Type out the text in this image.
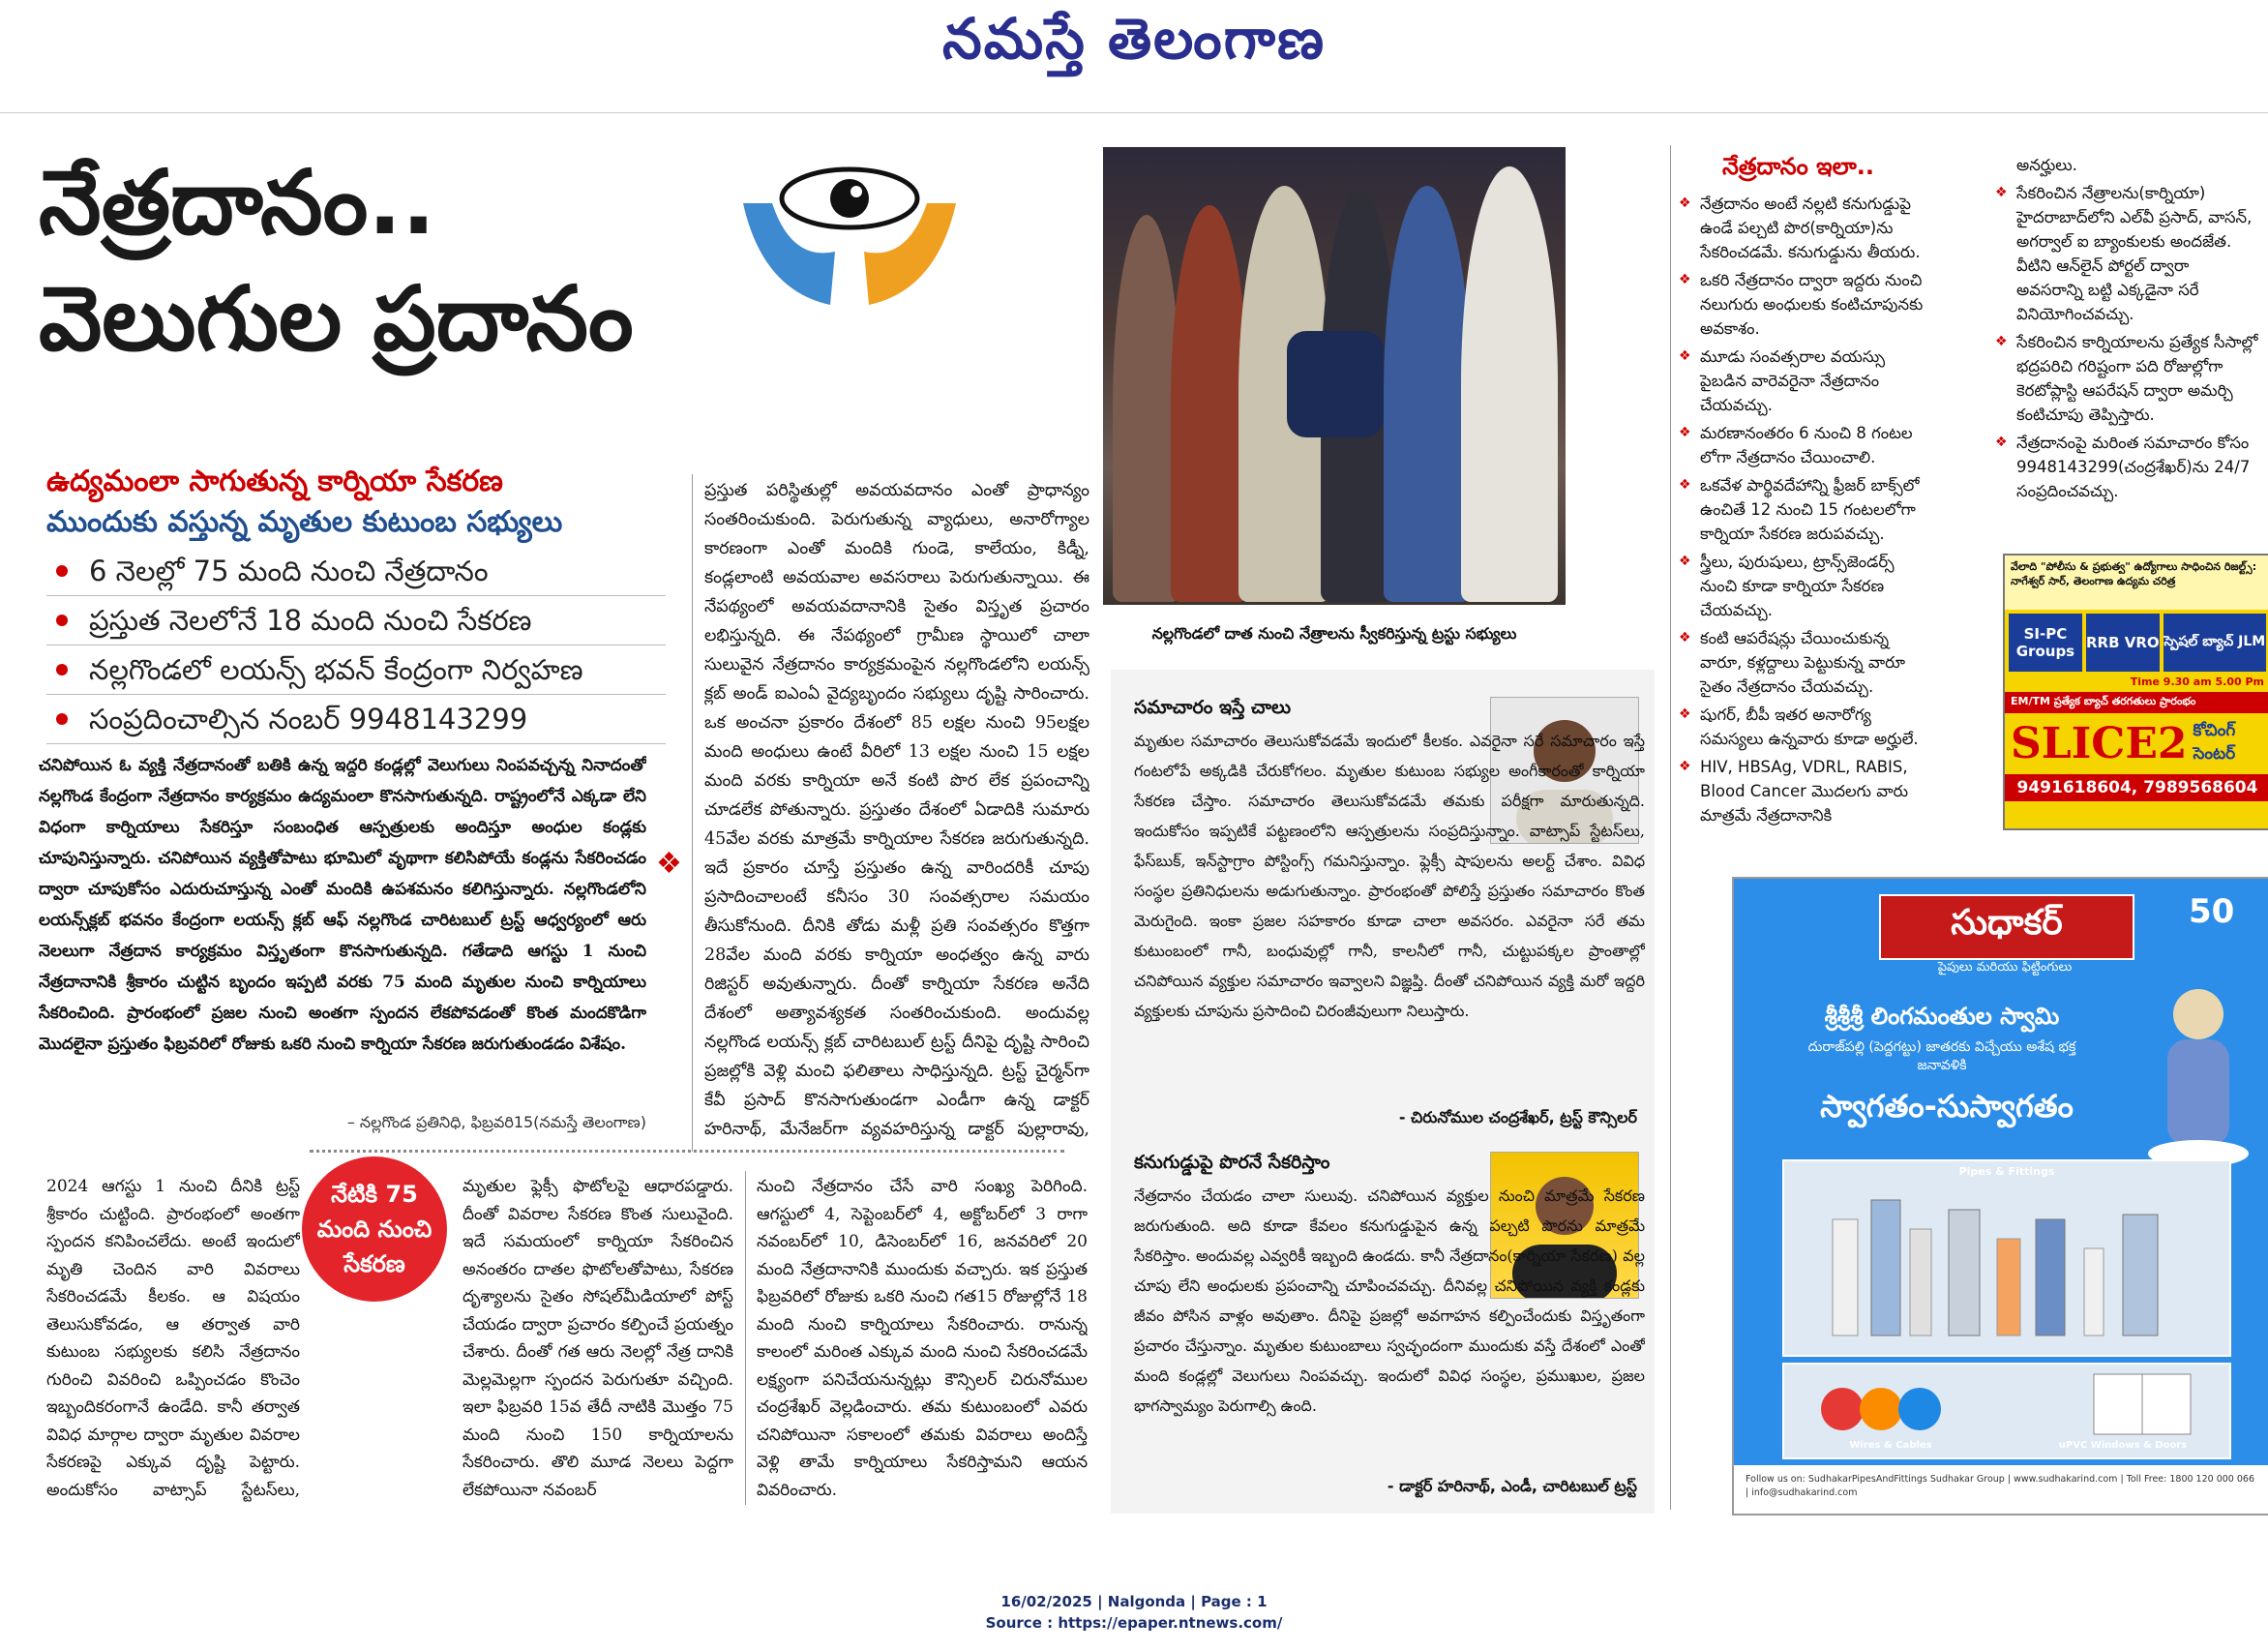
నమస్తే తెలంగాణ
నేత్రదానం..
వెలుగుల ప్రదానం
ఉద్యమంలా సాగుతున్న కార్నియా సేకరణ
ముందుకు వస్తున్న మృతుల కుటుంబ సభ్యులు
6 నెలల్లో 75 మంది నుంచి నేత్రదానం
ప్రస్తుత నెలలోనే 18 మంది నుంచి సేకరణ
నల్లగొండలో లయన్స్ భవన్ కేంద్రంగా నిర్వహణ
సంప్రదించాల్సిన నంబర్ 9948143299
ప్రస్తుత పరిస్థితుల్లో అవయవదానం ఎంతో ప్రాధాన్యం సంతరించుకుంది. పెరుగుతున్న వ్యాధులు, అనారోగ్యాల కారణంగా ఎంతో మందికి గుండె, కాలేయం, కిడ్నీ, కండ్లలాంటి అవయవాల అవసరాలు పెరుగుతున్నాయి. ఈ నేపథ్యంలో అవయవదానానికి సైతం విస్తృత ప్రచారం లభిస్తున్నది. ఈ నేపథ్యంలో గ్రామీణ స్థాయిలో చాలా సులువైన నేత్రదానం కార్యక్రమంపైన నల్లగొండలోని లయన్స్ క్లబ్ అండ్ ఐఎంఏ వైద్యబృందం సభ్యులు దృష్టి సారించారు. ఒక అంచనా ప్రకారం దేశంలో 85 లక్షల నుంచి 95లక్షల మంది అంధులు ఉంటే వీరిలో 13 లక్షల నుంచి 15 లక్షల మంది వరకు కార్నియా అనే కంటి పొర లేక ప్రపంచాన్ని చూడలేక పోతున్నారు. ప్రస్తుతం దేశంలో ఏడాదికి సుమారు 45వేల వరకు మాత్రమే కార్నియాల సేకరణ జరుగుతున్నది. ఇదే ప్రకారం చూస్తే ప్రస్తుతం ఉన్న వారిందరికీ చూపు ప్రసాదించాలంటే కనీసం 30 సంవత్సరాల సమయం తీసుకోనుంది. దీనికి తోడు మళ్లీ ప్రతి సంవత్సరం కొత్తగా 28వేల మంది వరకు కార్నియా అంధత్వం ఉన్న వారు రిజిస్టర్ అవుతున్నారు. దీంతో కార్నియా సేకరణ అనేది దేశంలో అత్యావశ్యకత సంతరించుకుంది. అందువల్ల నల్లగొండ లయన్స్ క్లబ్ చారిటబుల్ ట్రస్ట్ దీనిపై దృష్టి సారించి ప్రజల్లోకి వెళ్లి మంచి ఫలితాలు సాధిస్తున్నది. ట్రస్ట్ చైర్మన్‌గా కేవీ ప్రసాద్ కొనసాగుతుండగా ఎండీగా ఉన్న డాక్టర్ హరినాథ్, మేనేజర్‌గా వ్యవహరిస్తున్న డాక్టర్ పుల్లారావు,
❖
చనిపోయిన ఓ వ్యక్తి నేత్రదానంతో బతికి ఉన్న ఇద్దరి కండ్లల్లో వెలుగులు నింపవచ్చన్న నినాదంతో నల్లగొండ కేంద్రంగా నేత్రదానం కార్యక్రమం ఉద్యమంలా కొనసాగుతున్నది. రాష్ట్రంలోనే ఎక్కడా లేని విధంగా కార్నియాలు సేకరిస్తూ సంబంధిత ఆస్పత్రులకు అందిస్తూ అంధుల కండ్లకు చూపునిస్తున్నారు. చనిపోయిన వ్యక్తితోపాటు భూమిలో వృథాగా కలిసిపోయే కండ్లను సేకరించడం ద్వారా చూపుకోసం ఎదురుచూస్తున్న ఎంతో మందికి ఉపశమనం కలిగిస్తున్నారు. నల్లగొండలోని లయన్స్‌క్లబ్ భవనం కేంద్రంగా లయన్స్ క్లబ్ ఆఫ్ నల్లగొండ చారిటబుల్ ట్రస్ట్ ఆధ్వర్యంలో ఆరు నెలలుగా నేత్రదాన కార్యక్రమం విస్తృతంగా కొనసాగుతున్నది. గతేడాది ఆగస్టు 1 నుంచి నేత్రదానానికి శ్రీకారం చుట్టిన బృందం ఇప్పటి వరకు 75 మంది మృతుల నుంచి కార్నియాలు సేకరించింది. ప్రారంభంలో ప్రజల నుంచి అంతగా స్పందన లేకపోవడంతో కొంత మందకొడిగా మొదలైనా ప్రస్తుతం ఫిబ్రవరిలో రోజుకు ఒకరి నుంచి కార్నియా సేకరణ జరుగుతుండడం విశేషం.
– నల్లగొండ ప్రతినిధి, ఫిబ్రవరి15(నమస్తే తెలంగాణ)
నేటికి 75
మంది నుంచి
సేకరణ
2024 ఆగస్టు 1 నుంచి దీనికి ట్రస్ట్ శ్రీకారం చుట్టింది. ప్రారంభంలో అంతగా స్పందన కనిపించలేదు. అంటే ఇందులో మృతి చెందిన వారి వివరాలు సేకరించడమే కీలకం. ఆ విషయం తెలుసుకోవడం, ఆ తర్వాత వారి కుటుంబ సభ్యులకు కలిసి నేత్రదానం గురించి వివరించి ఒప్పించడం కొంచెం ఇబ్బందికరంగానే ఉండేది. కానీ తర్వాత వివిధ మార్గాల ద్వారా మృతుల వివరాల సేకరణపై ఎక్కువ దృష్టి పెట్టారు. అందుకోసం వాట్సాప్ స్టేటస్‌లు,
మృతుల ఫ్లెక్సీ ఫొటోలపై ఆధారపడ్డారు. దీంతో వివరాల సేకరణ కొంత సులువైంది. ఇదే సమయంలో కార్నియా సేకరించిన అనంతరం దాతల ఫొటోలతోపాటు, సేకరణ దృశ్యాలను సైతం సోషల్‌మీడియాలో పోస్ట్ చేయడం ద్వారా ప్రచారం కల్పించే ప్రయత్నం చేశారు. దీంతో గత ఆరు నెలల్లో నేత్ర దానికి మెల్లమెల్లగా స్పందన పెరుగుతూ వచ్చింది. ఇలా ఫిబ్రవరి 15వ తేదీ నాటికి మొత్తం 75 మంది నుంచి 150 కార్నియాలను సేకరించారు. తొలి మూడ నెలలు పెద్దగా లేకపోయినా నవంబర్
నుంచి నేత్రదానం చేసే వారి సంఖ్య పెరిగింది. ఆగస్టులో 4, సెప్టెంబర్‌లో 4, అక్టోబర్‌లో 3 రాగా నవంబర్‌లో 10, డిసెంబర్‌లో 16, జనవరిలో 20 మంది నేత్రదానానికి ముందుకు వచ్చారు. ఇక ప్రస్తుత ఫిబ్రవరిలో రోజుకు ఒకరి నుంచి గత15 రోజుల్లోనే 18 మంది నుంచి కార్నియాలు సేకరించారు. రానున్న కాలంలో మరింత ఎక్కువ మంది నుంచి సేకరించడమే లక్ష్యంగా పనిచేయనున్నట్లు కౌన్సిలర్ చిరునోముల చంద్రశేఖర్ వెల్లడించారు. తమ కుటుంబంలో ఎవరు చనిపోయినా సకాలంలో తమకు వివరాలు అందిస్తే వెళ్లి తామే కార్నియాలు సేకరిస్తామని ఆయన వివరించారు.
నల్లగొండలో దాత నుంచి నేత్రాలను స్వీకరిస్తున్న ట్రస్టు సభ్యులు
సమాచారం ఇస్తే చాలు
మృతుల సమాచారం తెలుసుకోవడమే ఇందులో కీలకం. ఎవరైనా సరే సమాచారం ఇస్తే గంటలోపే అక్కడికి చేరుకోగలం. మృతుల కుటుంబ సభ్యుల అంగీకారంతో కార్నియా సేకరణ చేస్తాం. సమాచారం తెలుసుకోవడమే తమకు పరీక్షగా మారుతున్నది. ఇందుకోసం ఇప్పటికే పట్టణంలోని ఆస్పత్రులను సంప్రదిస్తున్నాం. వాట్సాప్ స్టేటస్‌లు, ఫేస్‌బుక్, ఇన్‌స్టాగ్రాం పోస్టింగ్స్ గమనిస్తున్నాం. ఫ్లెక్సీ షాపులను అలర్ట్ చేశాం. వివిధ సంస్థల ప్రతినిధులను అడుగుతున్నాం. ప్రారంభంతో పోలిస్తే ప్రస్తుతం సమాచారం కొంత మెరుగైంది. ఇంకా ప్రజల సహకారం కూడా చాలా అవసరం. ఎవరైనా సరే తమ కుటుంబంలో గానీ, బంధువుల్లో గానీ, కాలనీలో గానీ, చుట్టుపక్కల ప్రాంతాల్లో చనిపోయిన వ్యక్తుల సమాచారం ఇవ్వాలని విజ్ఞప్తి. దీంతో చనిపోయిన వ్యక్తి మరో ఇద్దరి వ్యక్తులకు చూపును ప్రసాదించి చిరంజీవులుగా నిలుస్తారు.
- చిరునోముల చంద్రశేఖర్, ట్రస్ట్ కౌన్సిలర్
కనుగుడ్డుపై పొరనే సేకరిస్తాం
నేత్రదానం చేయడం చాలా సులువు. చనిపోయిన వ్యక్తుల నుంచి మాత్రమే సేకరణ జరుగుతుంది. అది కూడా కేవలం కనుగుడ్డుపైన ఉన్న పల్చటి పొరను మాత్రమే సేకరిస్తాం. అందువల్ల ఎవ్వరికీ ఇబ్బంది ఉండదు. కానీ నేత్రదానం(కార్నియా సేకరణ) వల్ల చూపు లేని అంధులకు ప్రపంచాన్ని చూపించవచ్చు. దీనివల్ల చనిపోయిన వ్యక్తి కండ్లకు జీవం పోసిన వాళ్లం అవుతాం. దీనిపై ప్రజల్లో అవగాహన కల్పించేందుకు విస్తృతంగా ప్రచారం చేస్తున్నాం. మృతుల కుటుంబాలు స్వచ్ఛందంగా ముందుకు వస్తే దేశంలో ఎంతో మంది కండ్లల్లో వెలుగులు నింపవచ్చు. ఇందులో వివిధ సంస్థల, ప్రముఖుల, ప్రజల భాగస్వామ్యం పెరుగాల్సి ఉంది.
- డాక్టర్ హరినాథ్, ఎండీ, చారిటబుల్ ట్రస్ట్
నేత్రదానం ఇలా..
❖ నేత్రదానం అంటే నల్లటి కనుగుడ్డుపై ఉండే పల్చటి పొర(కార్నియా)ను సేకరించడమే. కనుగుడ్డును తీయరు.
❖ ఒకరి నేత్రదానం ద్వారా ఇద్దరు నుంచి నలుగురు అంధులకు కంటిచూపునకు అవకాశం.
❖ మూడు సంవత్సరాల వయస్సు పైబడిన వారెవరైనా నేత్రదానం చేయవచ్చు.
❖ మరణానంతరం 6 నుంచి 8 గంటల లోగా నేత్రదానం చేయించాలి.
❖ ఒకవేళ పార్థివదేహాన్ని ఫ్రీజర్ బాక్స్‌లో ఉంచితే 12 నుంచి 15 గంటలలోగా కార్నియా సేకరణ జరుపవచ్చు.
❖ స్త్రీలు, పురుషులు, ట్రాన్స్‌జెండర్స్ నుంచి కూడా కార్నియా సేకరణ చేయవచ్చు.
❖ కంటి ఆపరేషన్లు చేయించుకున్న వారూ, కళ్లద్దాలు పెట్టుకున్న వారూ సైతం నేత్రదానం చేయవచ్చు.
❖ షుగర్, బీపీ ఇతర అనారోగ్య సమస్యలు ఉన్నవారు కూడా అర్హులే.
❖ HIV, HBSAg, VDRL, RABIS, Blood Cancer మొదలగు వారు మాత్రమే నేత్రదానానికి
అనర్హులు.
❖ సేకరించిన నేత్రాలను(కార్నియా) హైదరాబాద్‌లోని ఎల్‌వీ ప్రసాద్, వాసన్, అగర్వాల్ ఐ బ్యాంకులకు అందజేత. వీటిని ఆన్‌లైన్ పోర్టల్ ద్వారా అవసరాన్ని బట్టి ఎక్కడైనా సరే వినియోగించవచ్చు.
❖ సేకరించిన కార్నియాలను ప్రత్యేక సీసాల్లో భద్రపరిచి గరిష్టంగా పది రోజుల్లోగా కెరటోప్లాస్టి ఆపరేషన్ ద్వారా అమర్చి కంటిచూపు తెప్పిస్తారు.
❖ నేత్రదానంపై మరింత సమాచారం కోసం 9948143299(చంద్రశేఖర్)ను 24/7 సంప్రదించవచ్చు.
వేలాది "పోలీసు & ప్రభుత్వ" ఉద్యోగాలు సాధించిన రిజల్ట్స్: నాగేశ్వర్ సార్, తెలంగాణ ఉద్యమ చరిత్ర
SI-PC Groups RRB VRO స్పెషల్ బ్యాచ్ JLM
Time 9.30 am 5.00 Pm
EM/TM ప్రత్యేక బ్యాచ్ తరగతులు ప్రారంభం
SLICE2 కోచింగ్ సెంటర్
9491618604, 7989568604
సుధాకర్
పైపులు మరియు ఫిట్టింగులు
50
శ్రీశ్రీశ్రీ లింగమంతుల స్వామి
దురాజ్‌పల్లి (పెద్దగట్టు) జాతరకు విచ్చేయు అశేష భక్త జనావళికి
స్వాగతం-సుస్వాగతం
Pipes & Fittings
Wires & Cables	uPVC Windows & Doors
Follow us on: SudhakarPipesAndFittings Sudhakar Group | www.sudhakarind.com | Toll Free: 1800 120 000 066 | info@sudhakarind.com
16/02/2025 | Nalgonda | Page : 1
Source : https://epaper.ntnews.com/
